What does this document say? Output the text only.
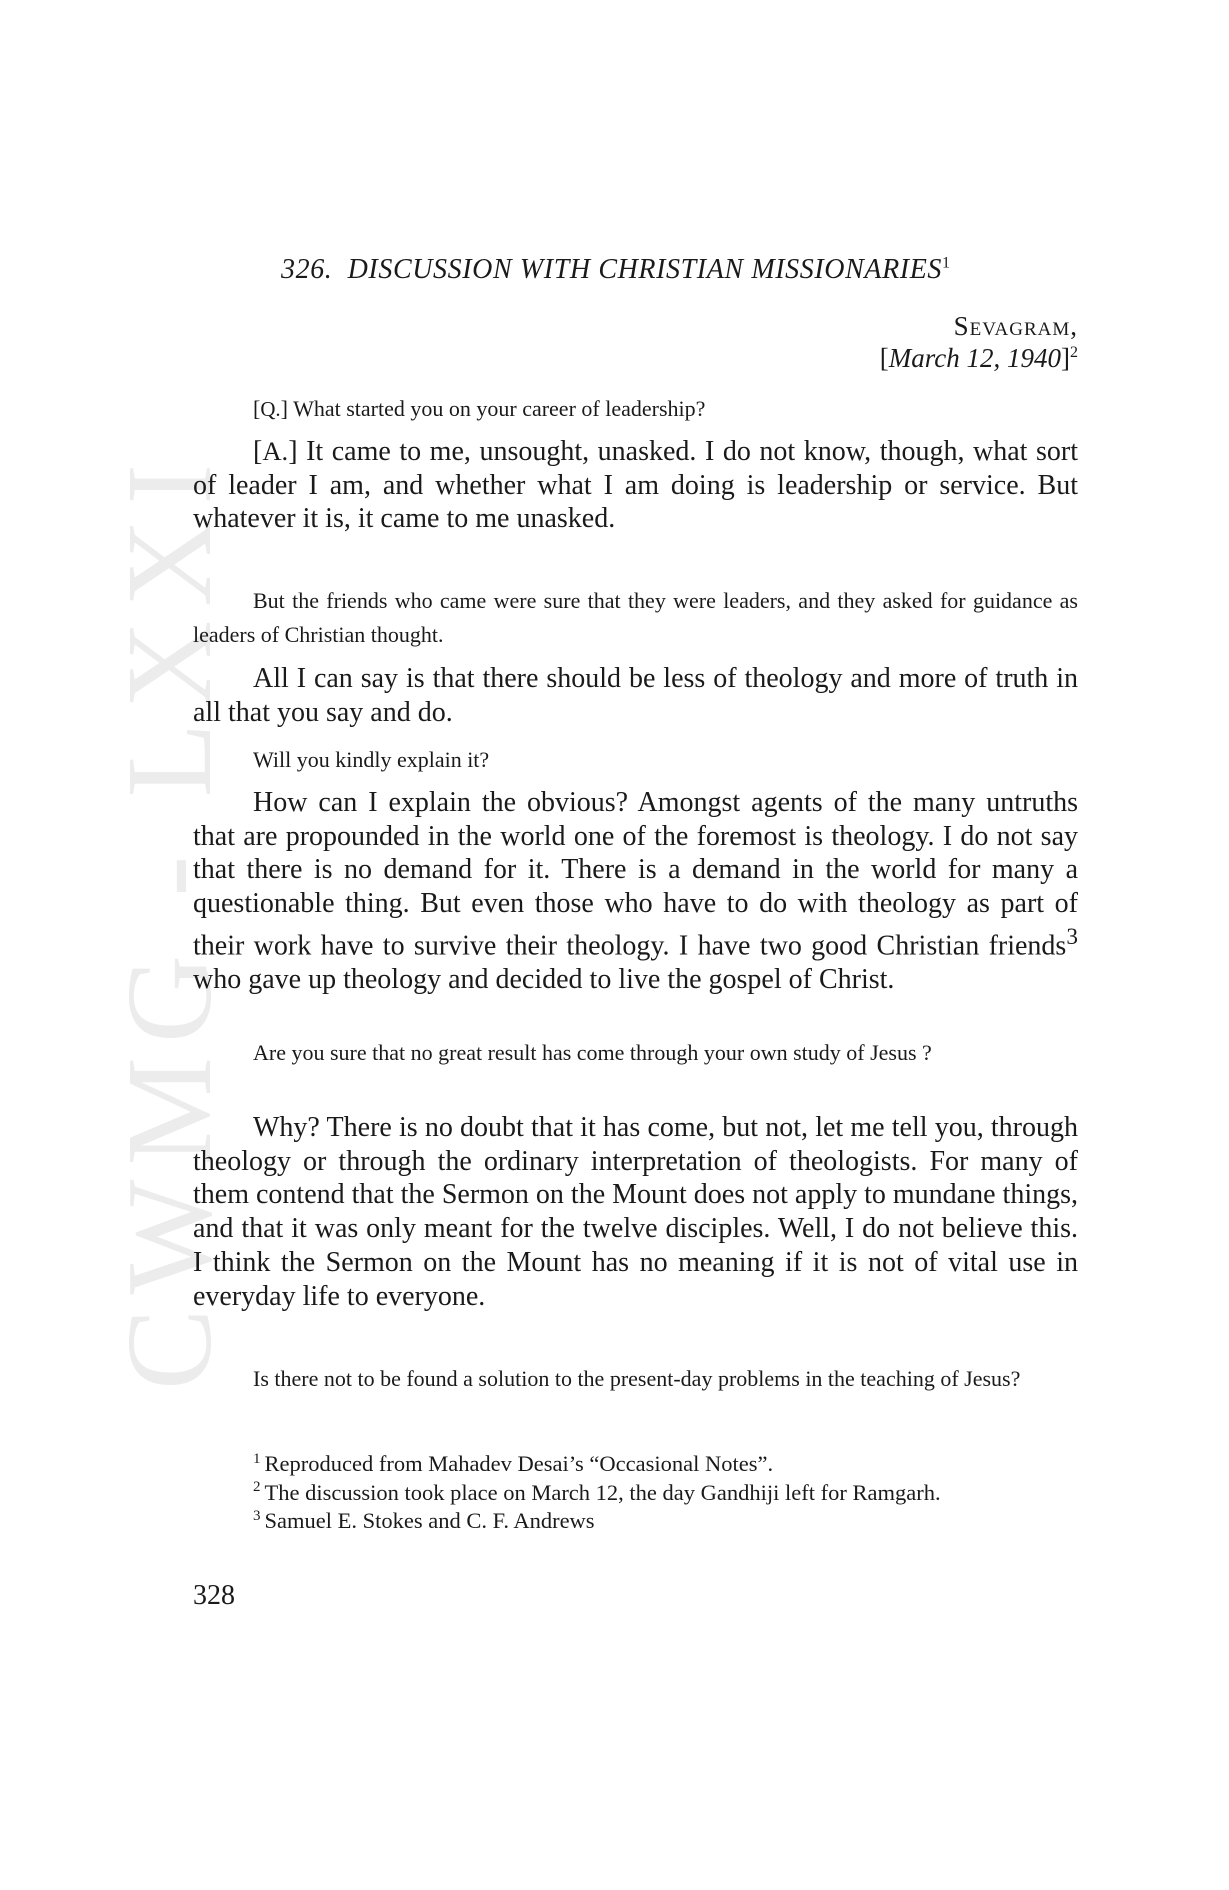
CWMG - LXXI
326. DISCUSSION WITH CHRISTIAN MISSIONARIES$^1$
Sevagram,
[March 12, 1940]$^2$

[Q.] What started you on your career of leadership?

[A.] It came to me, unsought, unasked. I do not know, though, what sort of leader I am, and whether what I am doing is leadership or service. But whatever it is, it came to me unasked.

But the friends who came were sure that they were leaders, and they asked for guidance as leaders of Christian thought.

All I can say is that there should be less of theology and more of truth in all that you say and do.

Will you kindly explain it?

How can I explain the obvious? Amongst agents of the many untruths that are propounded in the world one of the foremost is theology. I do not say that there is no demand for it. There is a demand in the world for many a questionable thing. But even those who have to do with theology as part of their work have to survive their theology. I have two good Christian friends$^3$ who gave up theology and decided to live the gospel of Christ.

Are you sure that no great result has come through your own study of Jesus ?

Why? There is no doubt that it has come, but not, let me tell you, through theology or through the ordinary interpretation of theologists. For many of them contend that the Sermon on the Mount does not apply to mundane things, and that it was only meant for the twelve disciples. Well, I do not believe this. I think the Sermon on the Mount has no meaning if it is not of vital use in everyday life to everyone.

Is there not to be found a solution to the present-day problems in the teaching of Jesus?

$^1$ Reproduced from Mahadev Desai’s “Occasional Notes”.

$^2$ The discussion took place on March 12, the day Gandhiji left for Ramgarh.

$^3$ Samuel E. Stokes and C. F. Andrews

328
